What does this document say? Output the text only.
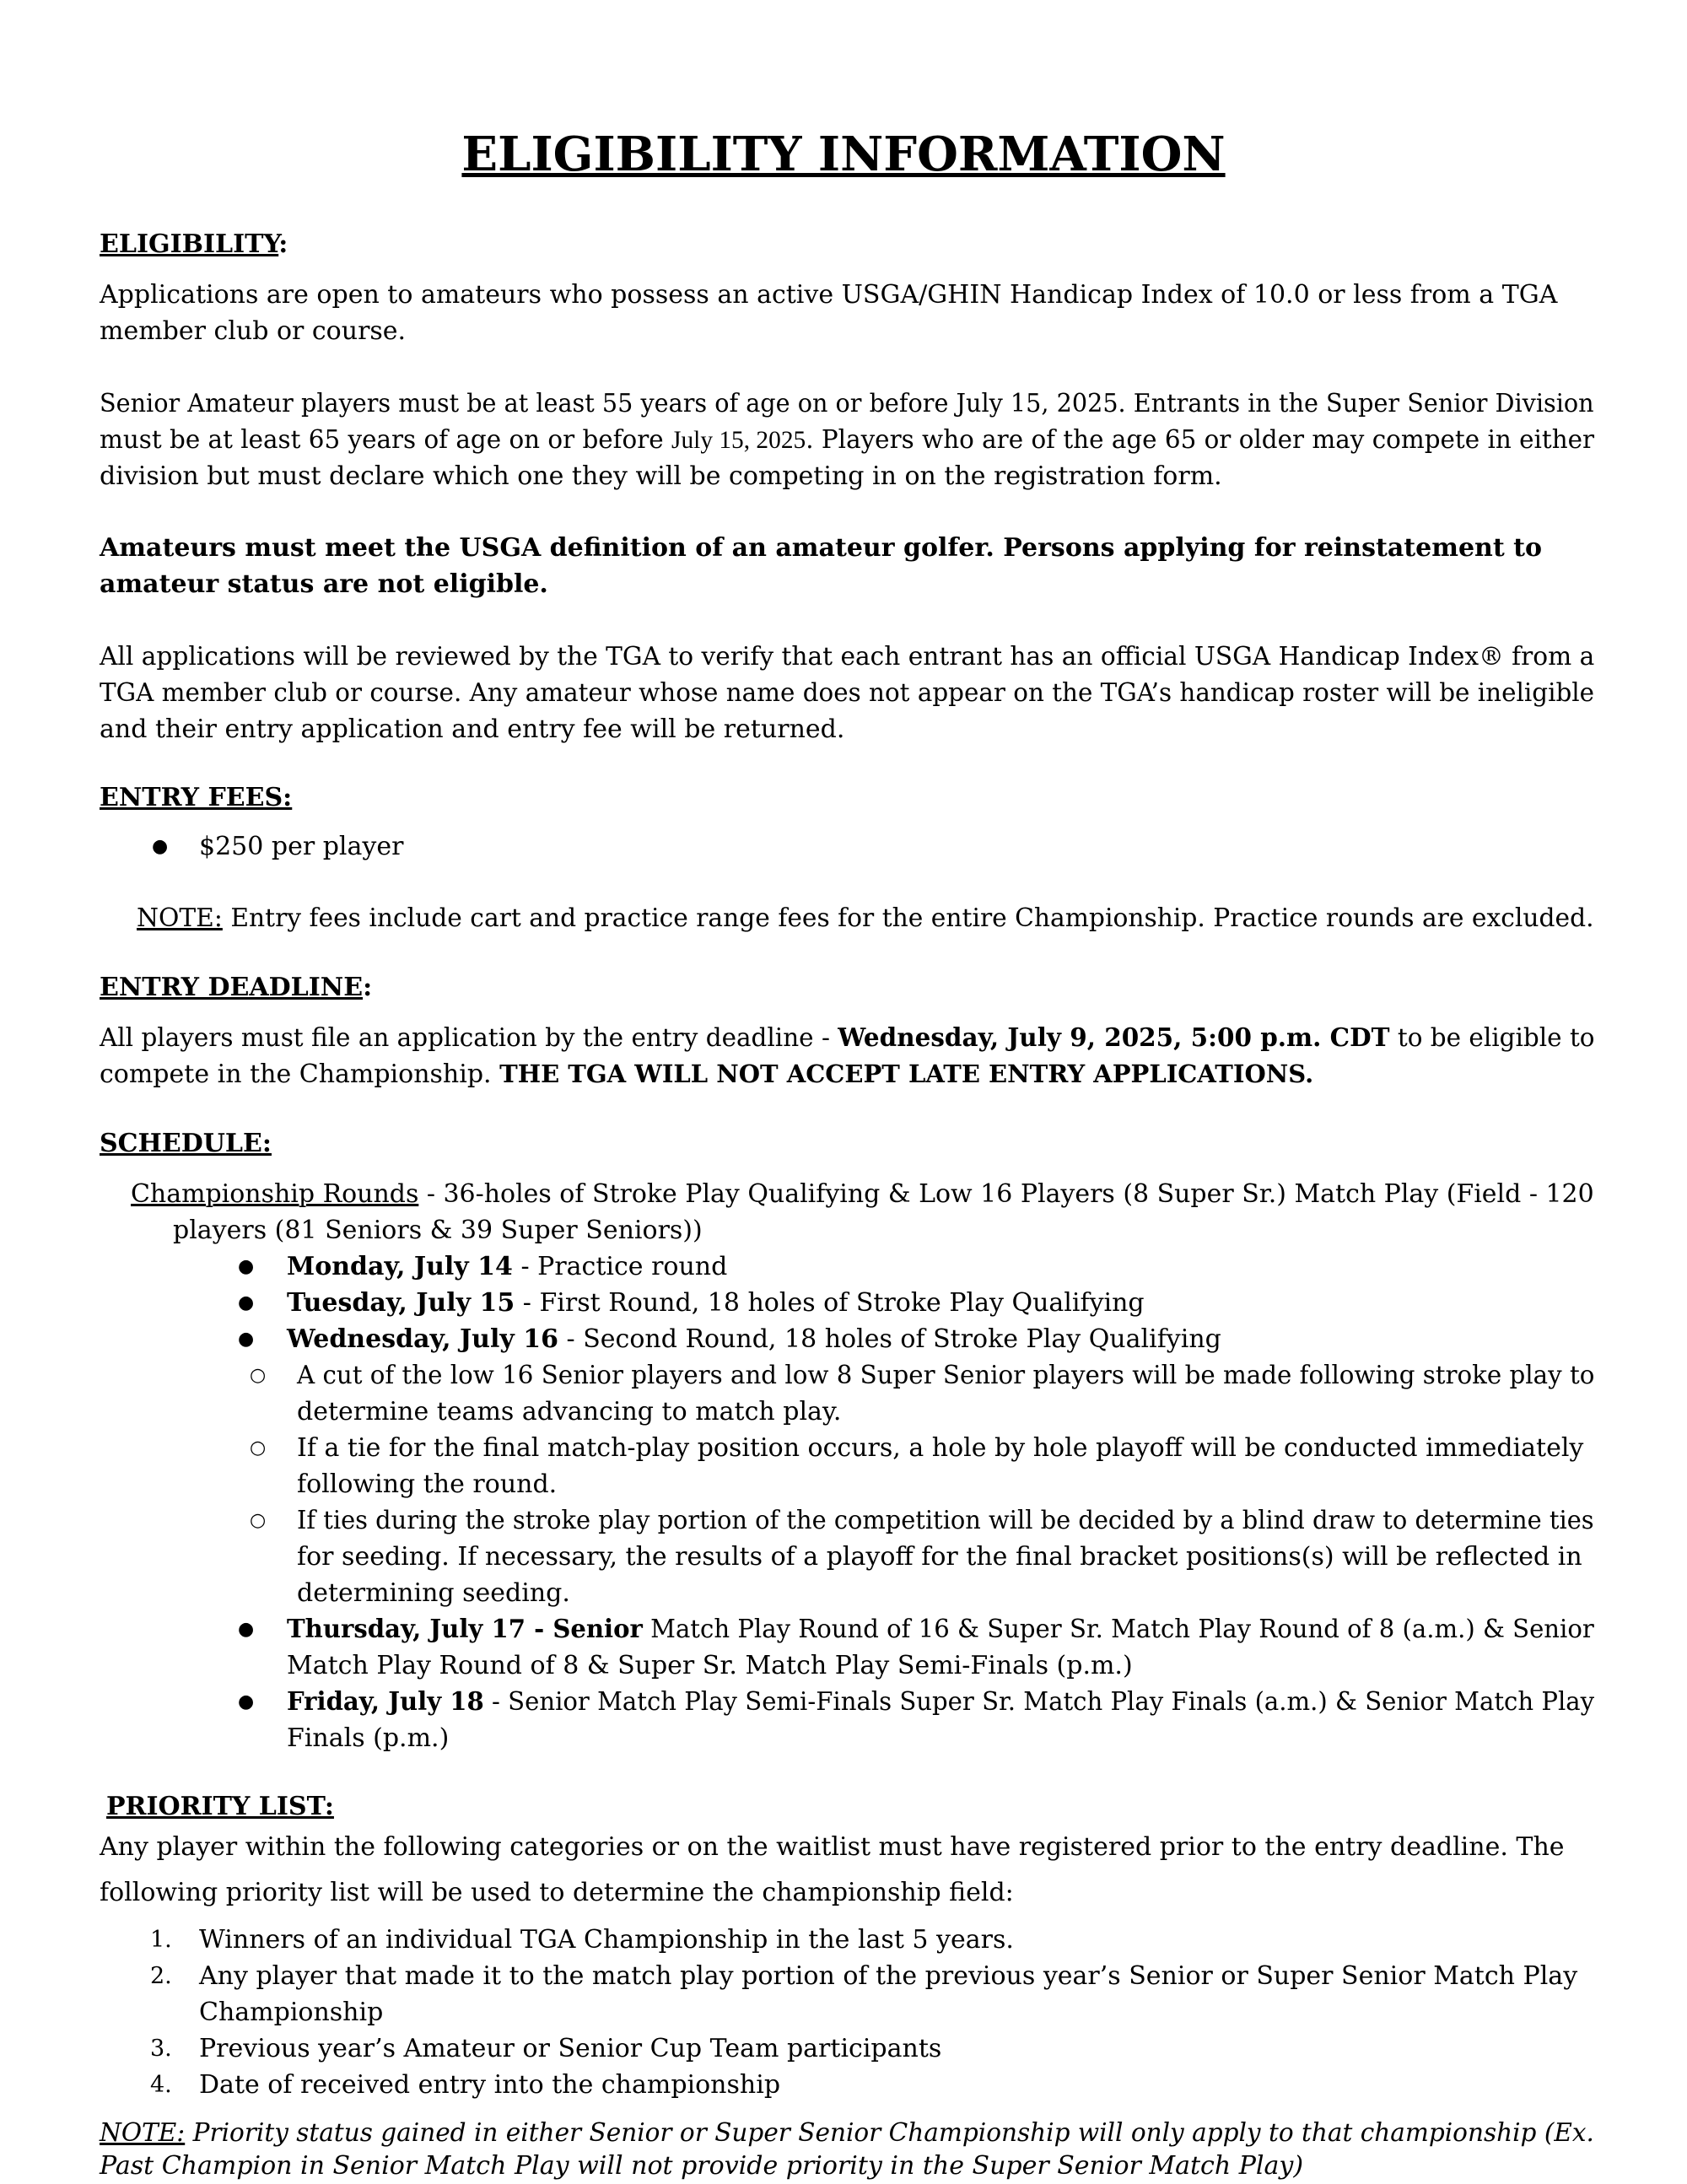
ELIGIBILITY INFORMATION
ELIGIBILITY:
Applications are open to amateurs who possess an active USGA/GHIN Handicap Index of 10.0 or less from a TGA
member club or course.
Senior Amateur players must be at least 55 years of age on or before July 15, 2025. Entrants in the Super Senior Division
must be at least 65 years of age on or before July 15, 2025. Players who are of the age 65 or older may compete in either
division but must declare which one they will be competing in on the registration form.
Amateurs must meet the USGA definition of an amateur golfer. Persons applying for reinstatement to
amateur status are not eligible.
All applications will be reviewed by the TGA to verify that each entrant has an official USGA Handicap Index® from a
TGA member club or course. Any amateur whose name does not appear on the TGA’s handicap roster will be ineligible
and their entry application and entry fee will be returned.
ENTRY FEES:
● $250 per player
NOTE: Entry fees include cart and practice range fees for the entire Championship. Practice rounds are excluded.
ENTRY DEADLINE:
All players must file an application by the entry deadline - Wednesday, July 9, 2025, 5:00 p.m. CDT to be eligible to
compete in the Championship. THE TGA WILL NOT ACCEPT LATE ENTRY APPLICATIONS.
SCHEDULE:
Championship Rounds - 36-holes of Stroke Play Qualifying & Low 16 Players (8 Super Sr.) Match Play (Field - 120
players (81 Seniors & 39 Super Seniors))
● Monday, July 14 - Practice round
● Tuesday, July 15 - First Round, 18 holes of Stroke Play Qualifying
● Wednesday, July 16 - Second Round, 18 holes of Stroke Play Qualifying
○ A cut of the low 16 Senior players and low 8 Super Senior players will be made following stroke play to
determine teams advancing to match play.
○ If a tie for the final match-play position occurs, a hole by hole playoff will be conducted immediately
following the round.
○ If ties during the stroke play portion of the competition will be decided by a blind draw to determine ties
for seeding. If necessary, the results of a playoff for the final bracket positions(s) will be reflected in
determining seeding.
● Thursday, July 17 - Senior Match Play Round of 16 & Super Sr. Match Play Round of 8 (a.m.) & Senior
Match Play Round of 8 & Super Sr. Match Play Semi-Finals (p.m.)
● Friday, July 18 - Senior Match Play Semi-Finals Super Sr. Match Play Finals (a.m.) & Senior Match Play
Finals (p.m.)
PRIORITY LIST:
Any player within the following categories or on the waitlist must have registered prior to the entry deadline. The
following priority list will be used to determine the championship field:
1. Winners of an individual TGA Championship in the last 5 years.
2. Any player that made it to the match play portion of the previous year’s Senior or Super Senior Match Play
Championship
3. Previous year’s Amateur or Senior Cup Team participants
4. Date of received entry into the championship
NOTE: Priority status gained in either Senior or Super Senior Championship will only apply to that championship (Ex.
Past Champion in Senior Match Play will not provide priority in the Super Senior Match Play)
